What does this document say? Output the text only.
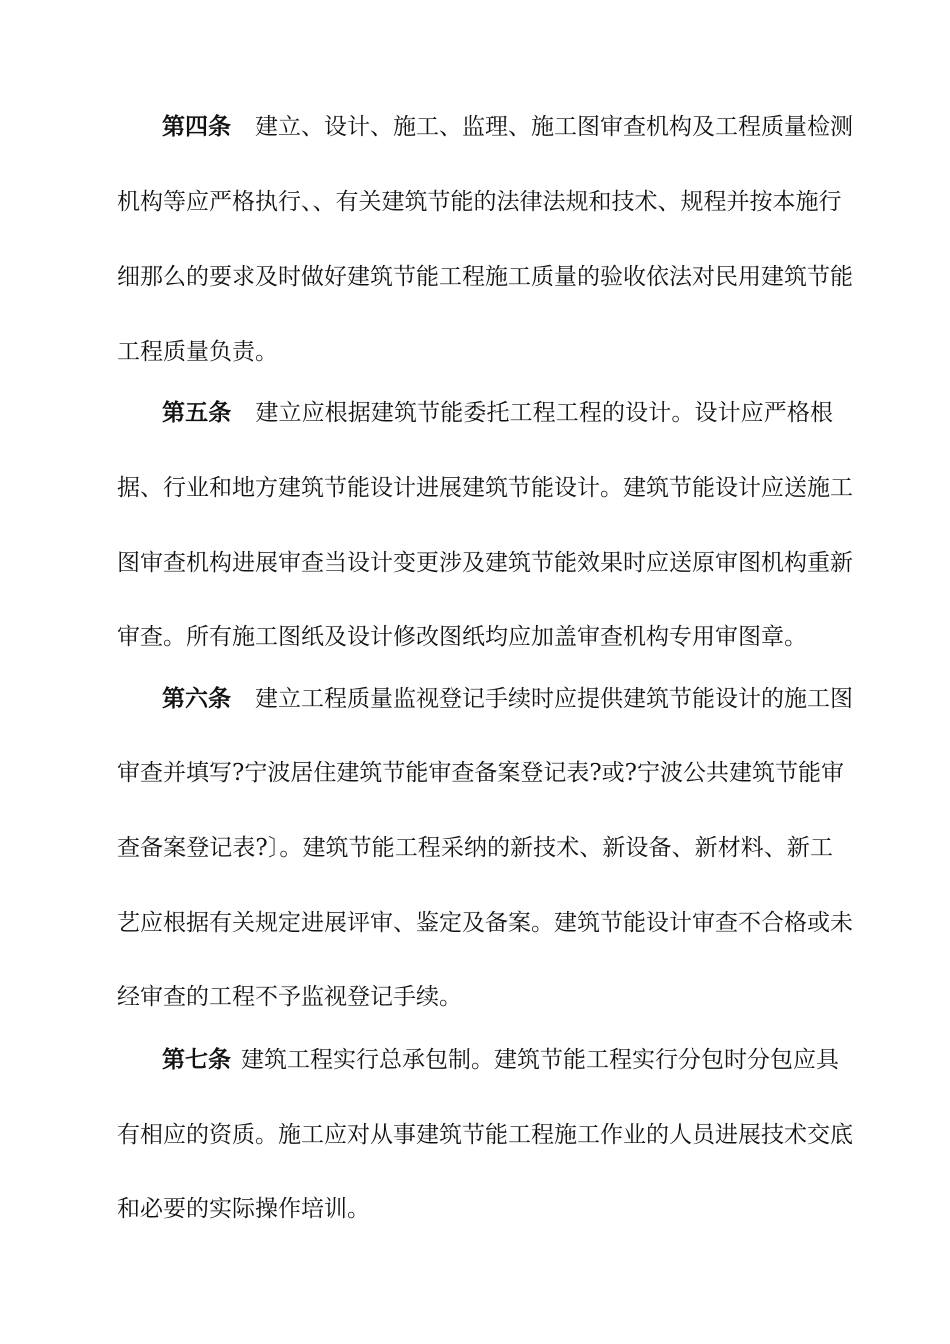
第四条 建立、设计、施工、监理、施工图审查机构及工程质量检测
机构等应严格执行、、有关建筑节能的法律法规和技术、规程并按本施行
细那么的要求及时做好建筑节能工程施工质量的验收依法对民用建筑节能
工程质量负责。
第五条 建立应根据建筑节能委托工程工程的设计。设计应严格根
据、行业和地方建筑节能设计进展建筑节能设计。建筑节能设计应送施工
图审查机构进展审查当设计变更涉及建筑节能效果时应送原审图机构重新
审查。所有施工图纸及设计修改图纸均应加盖审查机构专用审图章。
第六条 建立工程质量监视登记手续时应提供建筑节能设计的施工图
审查并填写?宁波居住建筑节能审查备案登记表?或?宁波公共建筑节能审
查备案登记表?〕。建筑节能工程采纳的新技术、新设备、新材料、新工
艺应根据有关规定进展评审、鉴定及备案。建筑节能设计审查不合格或未
经审查的工程不予监视登记手续。
第七条 建筑工程实行总承包制。建筑节能工程实行分包时分包应具
有相应的资质。施工应对从事建筑节能工程施工作业的人员进展技术交底
和必要的实际操作培训。
